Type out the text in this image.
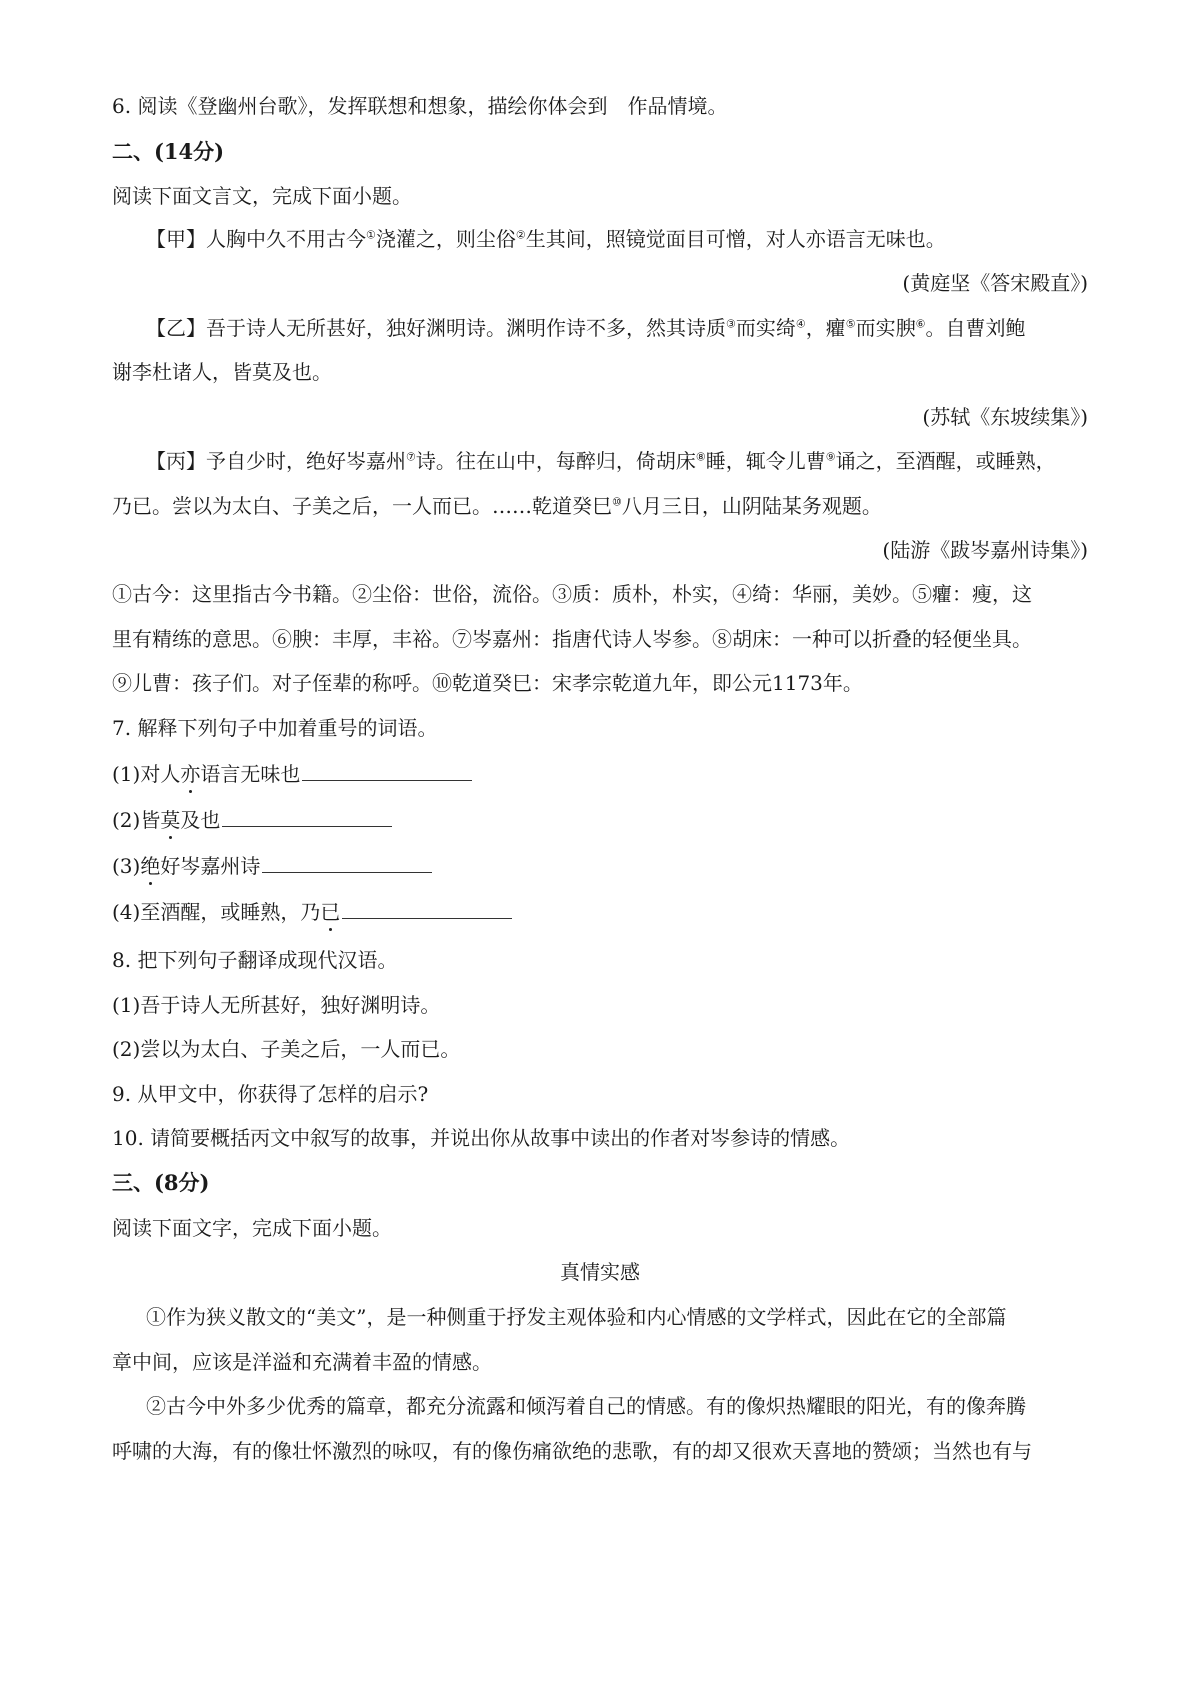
6. 阅读《登幽州台歌》，发挥联想和想象，描绘你体会到　作品情境。
二、(14分)
阅读下面文言文，完成下面小题。
【甲】人胸中久不用古今①浇灌之，则尘俗②生其间，照镜觉面目可憎，对人亦语言无味也。
(黄庭坚《答宋殿直》)
【乙】吾于诗人无所甚好，独好渊明诗。渊明作诗不多，然其诗质③而实绮④，癯⑤而实腴⑥。自曹刘鲍
谢李杜诸人，皆莫及也。
(苏轼《东坡续集》)
【丙】予自少时，绝好岑嘉州⑦诗。往在山中，每醉归，倚胡床⑧睡，辄令儿曹⑨诵之，至酒醒，或睡熟，
乃已。尝以为太白、子美之后，一人而已。……乾道癸巳⑩八月三日，山阴陆某务观题。
(陆游《跋岑嘉州诗集》)
①古今：这里指古今书籍。②尘俗：世俗，流俗。③质：质朴，朴实，④绮：华丽，美妙。⑤癯：瘦，这
里有精练的意思。⑥腴：丰厚，丰裕。⑦岑嘉州：指唐代诗人岑参。⑧胡床：一种可以折叠的轻便坐具。
⑨儿曹：孩子们。对子侄辈的称呼。⑩乾道癸巳：宋孝宗乾道九年，即公元1173年。
7. 解释下列句子中加着重号的词语。
(1)对人亦语言无味也
(2)皆莫及也
(3)绝好岑嘉州诗
(4)至酒醒，或睡熟，乃已
8. 把下列句子翻译成现代汉语。
(1)吾于诗人无所甚好，独好渊明诗。
(2)尝以为太白、子美之后，一人而已。
9. 从甲文中，你获得了怎样的启示?
10. 请简要概括丙文中叙写的故事，并说出你从故事中读出的作者对岑参诗的情感。
三、(8分)
阅读下面文字，完成下面小题。
真情实感
①作为狭义散文的“美文”，是一种侧重于抒发主观体验和内心情感的文学样式，因此在它的全部篇
章中间，应该是洋溢和充满着丰盈的情感。
②古今中外多少优秀的篇章，都充分流露和倾泻着自己的情感。有的像炽热耀眼的阳光，有的像奔腾
呼啸的大海，有的像壮怀激烈的咏叹，有的像伤痛欲绝的悲歌，有的却又很欢天喜地的赞颂；当然也有与
